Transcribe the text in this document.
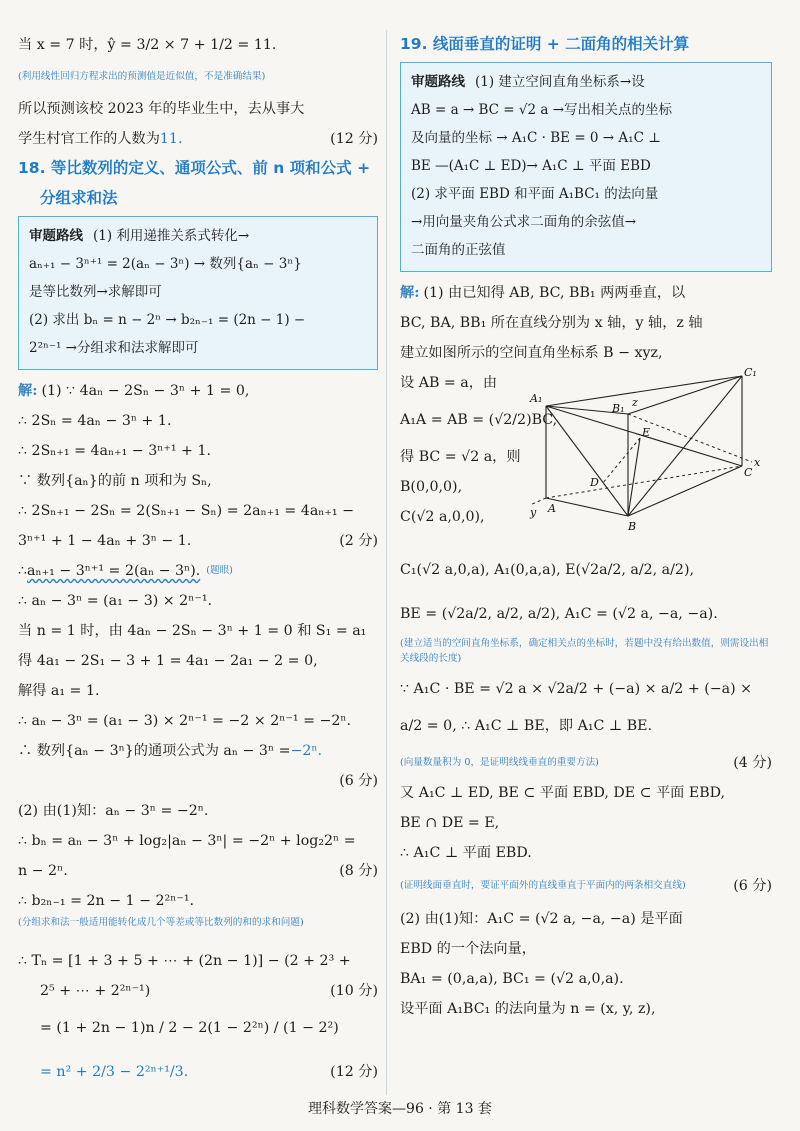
当 x = 7 时，ŷ = 3/2 × 7 + 1/2 = 11.
(利用线性回归方程求出的预测值是近似值，不是准确结果)
所以预测该校 2023 年的毕业生中，去从事大
学生村官工作的人数为11.	(12 分)
18. 等比数列的定义、通项公式、前 n 项和公式 +
分组求和法
审题路线 (1) 利用递推关系式转化→
aₙ₊₁ − 3ⁿ⁺¹ = 2(aₙ − 3ⁿ) → 数列{aₙ − 3ⁿ}
是等比数列→求解即可
(2) 求出 bₙ = n − 2ⁿ → b₂ₙ₋₁ = (2n − 1) −
2²ⁿ⁻¹ →分组求和法求解即可
解: (1) ∵ 4aₙ − 2Sₙ − 3ⁿ + 1 = 0,
∴ 2Sₙ = 4aₙ − 3ⁿ + 1.
∴ 2Sₙ₊₁ = 4aₙ₊₁ − 3ⁿ⁺¹ + 1.
∵ 数列{aₙ}的前 n 项和为 Sₙ,
∴ 2Sₙ₊₁ − 2Sₙ = 2(Sₙ₊₁ − Sₙ) = 2aₙ₊₁ = 4aₙ₊₁ −
3ⁿ⁺¹ + 1 − 4aₙ + 3ⁿ − 1.	(2 分)
∴ aₙ₊₁ − 3ⁿ⁺¹ = 2(aₙ − 3ⁿ). (题眼)
∴ aₙ − 3ⁿ = (a₁ − 3) × 2ⁿ⁻¹.
当 n = 1 时，由 4aₙ − 2Sₙ − 3ⁿ + 1 = 0 和 S₁ = a₁
得 4a₁ − 2S₁ − 3 + 1 = 4a₁ − 2a₁ − 2 = 0,
解得 a₁ = 1.
∴ aₙ − 3ⁿ = (a₁ − 3) × 2ⁿ⁻¹ = −2 × 2ⁿ⁻¹ = −2ⁿ.
∴ 数列{aₙ − 3ⁿ}的通项公式为 aₙ − 3ⁿ = −2ⁿ.
(6 分)
(2) 由(1)知：aₙ − 3ⁿ = −2ⁿ.
∴ bₙ = aₙ − 3ⁿ + log₂|aₙ − 3ⁿ| = −2ⁿ + log₂2ⁿ =
n − 2ⁿ.	(8 分)
∴ b₂ₙ₋₁ = 2n − 1 − 2²ⁿ⁻¹.
(分组求和法一般适用能转化成几个等差或等比数列的和的求和问题)
∴ Tₙ = [1 + 3 + 5 + ⋯ + (2n − 1)] − (2 + 2³ +
2⁵ + ⋯ + 2²ⁿ⁻¹)	(10 分)
= (1 + 2n − 1)n / 2 − 2(1 − 2²ⁿ) / (1 − 2²)
= n² + 2/3 − 2²ⁿ⁺¹/3.	(12 分)
19. 线面垂直的证明 + 二面角的相关计算
审题路线 (1) 建立空间直角坐标系→设
AB = a → BC = √2 a →写出相关点的坐标
及向量的坐标 → A₁C · BE = 0 → A₁C ⊥
BE —(A₁C ⊥ ED)→ A₁C ⊥ 平面 EBD
(2) 求平面 EBD 和平面 A₁BC₁ 的法向量
→用向量夹角公式求二面角的余弦值→
二面角的正弦值
解: (1) 由已知得 AB, BC, BB₁ 两两垂直，以
BC, BA, BB₁ 所在直线分别为 x 轴，y 轴，z 轴
建立如图所示的空间直角坐标系 B − xyz,
设 AB = a，由
A₁A = AB = (√2/2)BC,
得 BC = √2 a，则
B(0,0,0),
C(√2 a,0,0),
C₁
A₁
B₁
E
A
B
C
D
x
y
z
C₁(√2 a,0,a), A₁(0,a,a), E(√2a/2, a/2, a/2),
BE = (√2a/2, a/2, a/2), A₁C = (√2 a, −a, −a).
(建立适当的空间直角坐标系，确定相关点的坐标时，若题中没有给出数值，则需设出相关线段的长度)
∵ A₁C · BE = √2 a × √2a/2 + (−a) × a/2 + (−a) ×
a/2 = 0, ∴ A₁C ⊥ BE，即 A₁C ⊥ BE.
(向量数量积为 0，是证明线线垂直的重要方法)	(4 分)
又 A₁C ⊥ ED, BE ⊂ 平面 EBD, DE ⊂ 平面 EBD,
BE ∩ DE = E,
∴ A₁C ⊥ 平面 EBD.
(证明线面垂直时，要证平面外的直线垂直于平面内的两条相交直线)	(6 分)
(2) 由(1)知：A₁C = (√2 a, −a, −a) 是平面
EBD 的一个法向量，
BA₁ = (0,a,a), BC₁ = (√2 a,0,a).
设平面 A₁BC₁ 的法向量为 n = (x, y, z),
理科数学答案—96 · 第 13 套
